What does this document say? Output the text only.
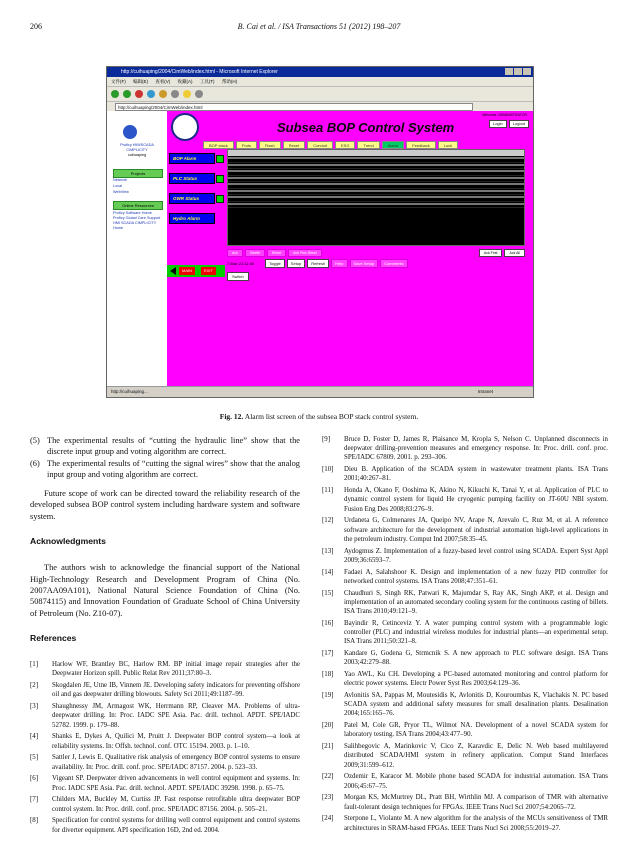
206	B. Cai et al. / ISA Transactions 51 (2012) 198–207
http://cuihuaping/2004/CimWeb/index.html - Microsoft Internet Explorer
文件(F) 编辑(E) 查看(V) 收藏(A) 工具(T) 帮助(H)
http://cuihuaping/2004/CimWeb/index.html
Proficy HMI/SCADA CIMPLICITY
cuihuaping
Projects
Network
Local
WebView
Online Resources
Proficy Software Home
Proficy Global Care Support
HMI SCADA CIMPLICITY Home
Subsea BOP Control System
Welcome, ADMINISTRATOR
Login	Logout
BOP stack	Pods	Flash	Reset	Conduit	ESG	Trend	Alarm	Feedback	Lock
BOP Alarm
PLC Status
GWR Status
Hydro Alarm
Ack	Delete	Reset	Ack Plus Reset	Ack First	Ack All
7-Mar 23:11:48	Toggle	Setup	Refresh	Help	Save Setup	Comments
Switch
MAIN	EXIT
http://cuihuaping...	Intranet
Fig. 12. Alarm list screen of the subsea BOP stack control system.
(5) The experimental results of “cutting the hydraulic line” show that the discrete input group and voting algorithm are correct.
(6) The experimental results of “cutting the signal wires” show that the analog input group and voting algorithm are correct.

Future scope of work can be directed toward the reliability research of the developed subsea BOP control system including hardware system and software system.

Acknowledgments

The authors wish to acknowledge the financial support of the National High-Technology Research and Development Program of China (No. 2007AA09A101), National Natural Science Foundation of China (No. 50874115) and Innovation Foundation of Graduate School of China University of Petroleum (No. Z10-07).

References
[1]	Harlow WF, Brantley BC, Harlow RM. BP initial image repair strategies after the Deepwater Horizon spill. Public Relat Rev 2011;37:80–3.
[2]	Skogdalen JE, Utne IB, Vinnem JE. Developing safety indicators for preventing offshore oil and gas deepwater drilling blowouts. Safety Sci 2011;49:1187–99.
[3]	Shaughnessy JM, Armagost WK, Herrmann RP, Cleaver MA. Problems of ultra-deepwater drilling. In: Proc. IADC SPE Asia. Pac. drill. technol. APDT. SPE/IADC 52782. 1999. p. 179–88.
[4]	Shanks E, Dykes A, Quilici M, Pruitt J. Deepwater BOP control system—a look at reliability systems. In: Offsh. technol. conf. OTC 15194. 2003. p. 1–10.
[5]	Sattler J, Lewis E. Qualitative risk analysis of emergency BOP control systems to ensure availability. In: Proc. drill. conf. proc. SPE/IADC 87157. 2004. p. 523–33.
[6]	Vigeant SP. Deepwater driven advancements in well control equipment and systems. In: Proc. IADC SPE Asia. Pac. drill. technol. APDT. SPE/IADC 39298. 1998. p. 65–75.
[7]	Childers MA, Buckley M, Curtiss JP. Fast response retrofitable ultra deepwater BOP control system. In: Proc. drill. conf. proc. SPE/IADC 87156. 2004. p. 505–21.
[8]	Specification for control systems for drilling well control equipment and control systems for diverter equipment. API specification 16D, 2nd ed. 2004.
[9]	Bruce D, Foster D, James R, Plaisance M, Kropla S, Nelson C. Unplanned disconnects in deepwater drilling-prevention measures and emergency response. In: Proc. drill. conf. proc. SPE/IADC 67809. 2001. p. 293–306.
[10]	Dieu B. Application of the SCADA system in wastewater treatment plants. ISA Trans 2001;40:267–81.
[11]	Honda A, Okano F, Ooshima K, Akino N, Kikuchi K, Tanai Y, et al. Application of PLC to dynamic control system for liquid He cryogenic pumping facility on JT-60U NBI system. Fusion Eng Des 2008;83:276–9.
[12]	Urdaneta G, Colmenares JA, Queipo NV, Arape N, Arevalo C, Ruz M, et al. A reference software architecture for the development of industrial automation high-level applications in the petroleum industry. Comput Ind 2007;58:35–45.
[13]	Aydogmus Z. Implementation of a fuzzy-based level control using SCADA. Expert Syst Appl 2009;36:6593–7.
[14]	Fadaei A, Salahshoor K. Design and implementation of a new fuzzy PID controller for networked control systems. ISA Trans 2008;47:351–61.
[15]	Chaudhuri S, Singh RK, Patwari K, Majumdar S, Ray AK, Singh AKP, et al. Design and implementation of an automated secondary cooling system for the continuous casting of billets. ISA Trans 2010;49:121–9.
[16]	Bayindir R, Cetinceviz Y. A water pumping control system with a programmable logic controller (PLC) and industrial wireless modules for industrial plants—an experimental setup. ISA Trans 2011;50:321–8.
[17]	Kandare G, Godena G, Strmcnik S. A new approach to PLC software design. ISA Trans 2003;42:279–88.
[18]	Yao AWL, Ku CH. Developing a PC-based automated monitoring and control platform for electric power systems. Electr Power Syst Res 2003;64:129–36.
[19]	Avlonitis SA, Pappas M, Moutesidis K, Avlonitis D, Kouroumbas K, Vlachakis N. PC based SCADA system and additional safety measures for small desalination plants. Desalination 2004;165:165–76.
[20]	Patel M, Cole GR, Pryor TL, Wilmot NA. Development of a novel SCADA system for laboratory testing. ISA Trans 2004;43:477–90.
[21]	Salihbegovic A, Marinkovic V, Cico Z, Karavdic E, Delic N. Web based multilayered distributed SCADA/HMI system in refinery application. Comput Stand Interfaces 2009;31:599–612.
[22]	Ozdemir E, Karacor M. Mobile phone based SCADA for industrial automation. ISA Trans 2006;45:67–75.
[23]	Morgan KS, McMurtrey DL, Pratt BH, Wirthlin MJ. A comparison of TMR with alternative fault-tolerant design techniques for FPGAs. IEEE Trans Nucl Sci 2007;54:2065–72.
[24]	Sterpone L, Violante M. A new algorithm for the analysis of the MCUs sensitiveness of TMR architectures in SRAM-based FPGAs. IEEE Trans Nucl Sci 2008;55:2019–27.
